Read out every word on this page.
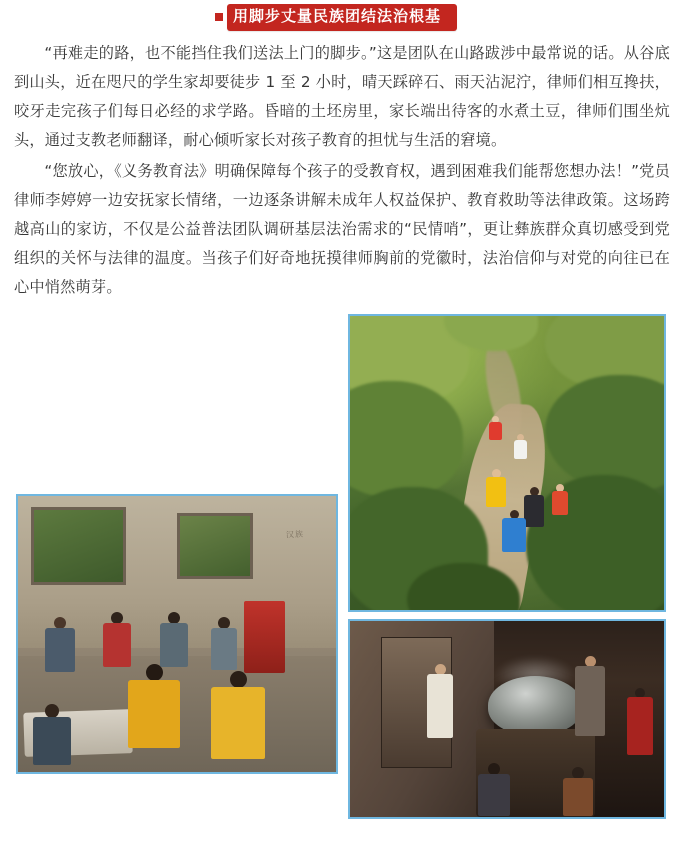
用脚步丈量民族团结法治根基

“再难走的路，也不能挡住我们送法上门的脚步。”这是团队在山路跋涉中最常说的话。从谷底到山头，近在咫尺的学生家却要徒步 1 至 2 小时，晴天踩碎石、雨天沾泥泞，律师们相互搀扶，咬牙走完孩子们每日必经的求学路。昏暗的土坯房里，家长端出待客的水煮土豆，律师们围坐炕头，通过支教老师翻译，耐心倾听家长对孩子教育的担忧与生活的窘境。

“您放心，《义务教育法》明确保障每个孩子的受教育权，遇到困难我们能帮您想办法！”党员律师李婷婷一边安抚家长情绪，一边逐条讲解未成年人权益保护、教育救助等法律政策。这场跨越高山的家访，不仅是公益普法团队调研基层法治需求的“民情哨”，更让彝族群众真切感受到党组织的关怀与法律的温度。当孩子们好奇地抚摸律师胸前的党徽时，法治信仰与对党的向往已在心中悄然萌芽。

汉族
